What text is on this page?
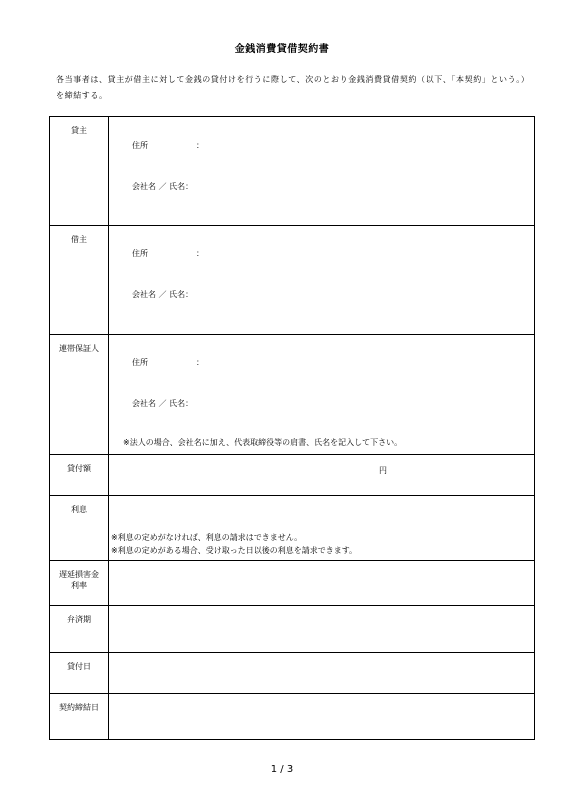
金銭消費貸借契約書
各当事者は、貸主が借主に対して金銭の貸付けを行うに際して、次のとおり金銭消費貸借契約（以下、「本契約」という。）を締結する。
貸主	住所 ：
会社名 ／ 氏名：

借主	住所 ：
会社名 ／ 氏名：

連帯保証人	住所 ：
会社名 ／ 氏名：
※法人の場合、会社名に加え、代表取締役等の肩書、氏名を記入して下さい。

貸付額	円

利息	※利息の定めがなければ、利息の請求はできません。
※利息の定めがある場合、受け取った日以後の利息を請求できます。

遅延損害金
利率	

弁済期	

貸付日	

契約締結日	

1 / 3
